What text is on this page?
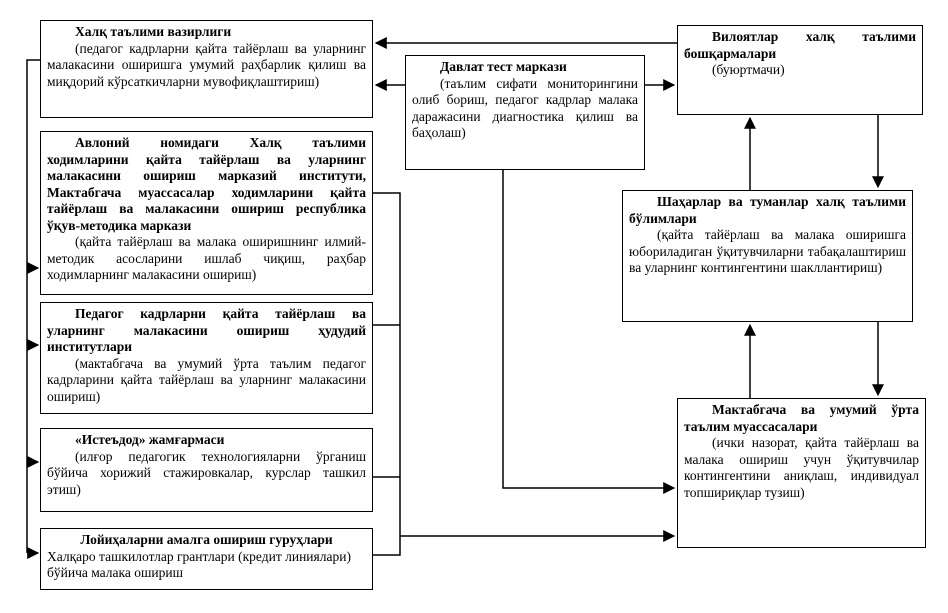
Халқ таълими вазирлиги

(педагог кадрларни қайта тайёрлаш ва уларнинг малакасини оширишга умумий раҳбарлик қилиш ва миқдорий кўрсаткичларни мувофиқлаштириш)

Авлоний номидаги Халқ таълими ходимларини қайта тайёрлаш ва уларнинг малакасини ошириш марказий институти, Мактабгача муассасалар ходимларини қайта тайёрлаш ва малакасини ошириш республика ўқув-методика маркази

(қайта тайёрлаш ва малака оширишнинг илмий-методик асосларини ишлаб чиқиш, раҳбар ходимларнинг малакасини ошириш)

Педагог кадрларни қайта тайёрлаш ва уларнинг малакасини ошириш ҳудудий институтлари

(мактабгача ва умумий ўрта таълим педагог кадрларини қайта тайёрлаш ва уларнинг малакасини ошириш)

«Истеъдод» жамғармаси

(илғор педагогик технологияларни ўрганиш бўйича хорижий стажировкалар, курслар ташкил этиш)

Лойиҳаларни амалга ошириш гуруҳлари

Халқаро ташкилотлар грантлари (кредит линиялари) бўйича малака ошириш

Давлат тест маркази

(таълим сифати мониторингини олиб бориш, педагог кадрлар малака даражасини диагностика қилиш ва баҳолаш)

Вилоятлар халқ таълими бошқармалари

(буюртмачи)

Шаҳарлар ва туманлар халқ таълими бўлимлари

(қайта тайёрлаш ва малака оширишга юбориладиган ўқитувчиларни табақалаштириш ва уларнинг контингентини шакллантириш)

Мактабгача ва умумий ўрта таълим муассасалари

(ички назорат, қайта тайёрлаш ва малака ошириш учун ўқитувчилар контингентини аниқлаш, индивидуал топшириқлар тузиш)
